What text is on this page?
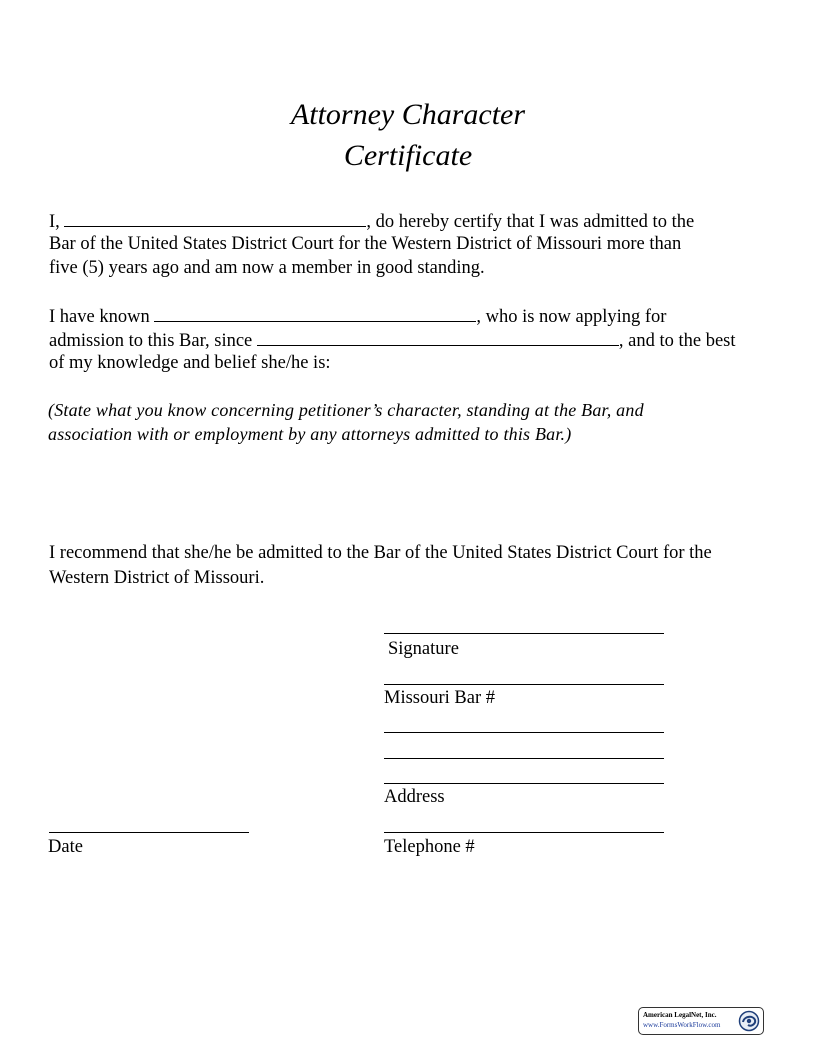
Attorney Character
Certificate
I,	, do hereby certify that I was admitted to the
Bar of the United States District Court for the Western District of Missouri more than
five (5) years ago and am now a member in good standing.
I have known	, who is now applying for
admission to this Bar, since	, and to the best
of my knowledge and belief she/he is:
(State what you know concerning petitioner’s character, standing at the Bar, and
association with or employment by any attorneys admitted to this Bar.)
I recommend that she/he be admitted to the Bar of the United States District Court for the
Western District of Missouri.
Signature
Missouri Bar #
Address
Telephone #
Date
American LegalNet, Inc.
www.FormsWorkFlow.com
